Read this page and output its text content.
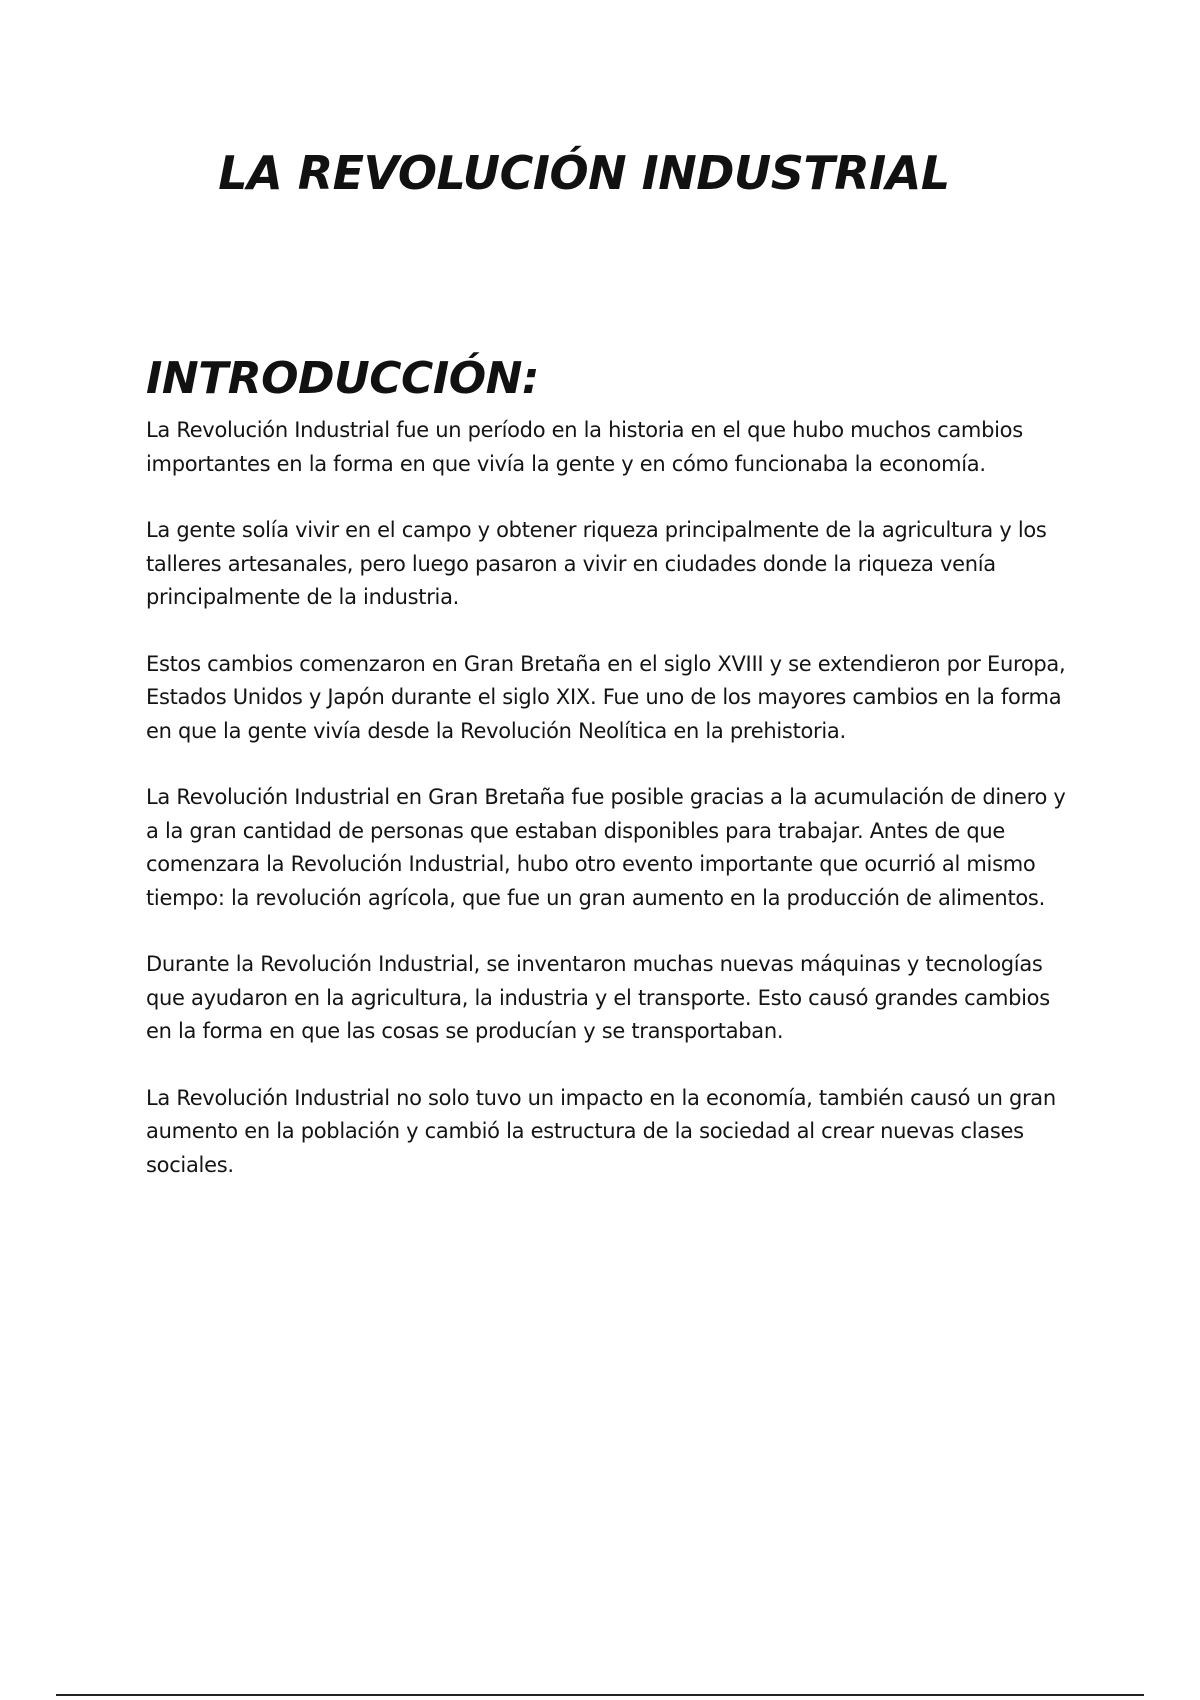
LA REVOLUCIÓN INDUSTRIAL
INTRODUCCIÓN:

La Revolución Industrial fue un período en la historia en el que hubo muchos cambios importantes en la forma en que vivía la gente y en cómo funcionaba la economía.

La gente solía vivir en el campo y obtener riqueza principalmente de la agricultura y los talleres artesanales, pero luego pasaron a vivir en ciudades donde la riqueza venía principalmente de la industria.

Estos cambios comenzaron en Gran Bretaña en el siglo XVIII y se extendieron por Europa, Estados Unidos y Japón durante el siglo XIX. Fue uno de los mayores cambios en la forma en que la gente vivía desde la Revolución Neolítica en la prehistoria.

La Revolución Industrial en Gran Bretaña fue posible gracias a la acumulación de dinero y a la gran cantidad de personas que estaban disponibles para trabajar. Antes de que comenzara la Revolución Industrial, hubo otro evento importante que ocurrió al mismo tiempo: la revolución agrícola, que fue un gran aumento en la producción de alimentos.

Durante la Revolución Industrial, se inventaron muchas nuevas máquinas y tecnologías que ayudaron en la agricultura, la industria y el transporte. Esto causó grandes cambios en la forma en que las cosas se producían y se transportaban.

La Revolución Industrial no solo tuvo un impacto en la economía, también causó un gran aumento en la población y cambió la estructura de la sociedad al crear nuevas clases sociales.
